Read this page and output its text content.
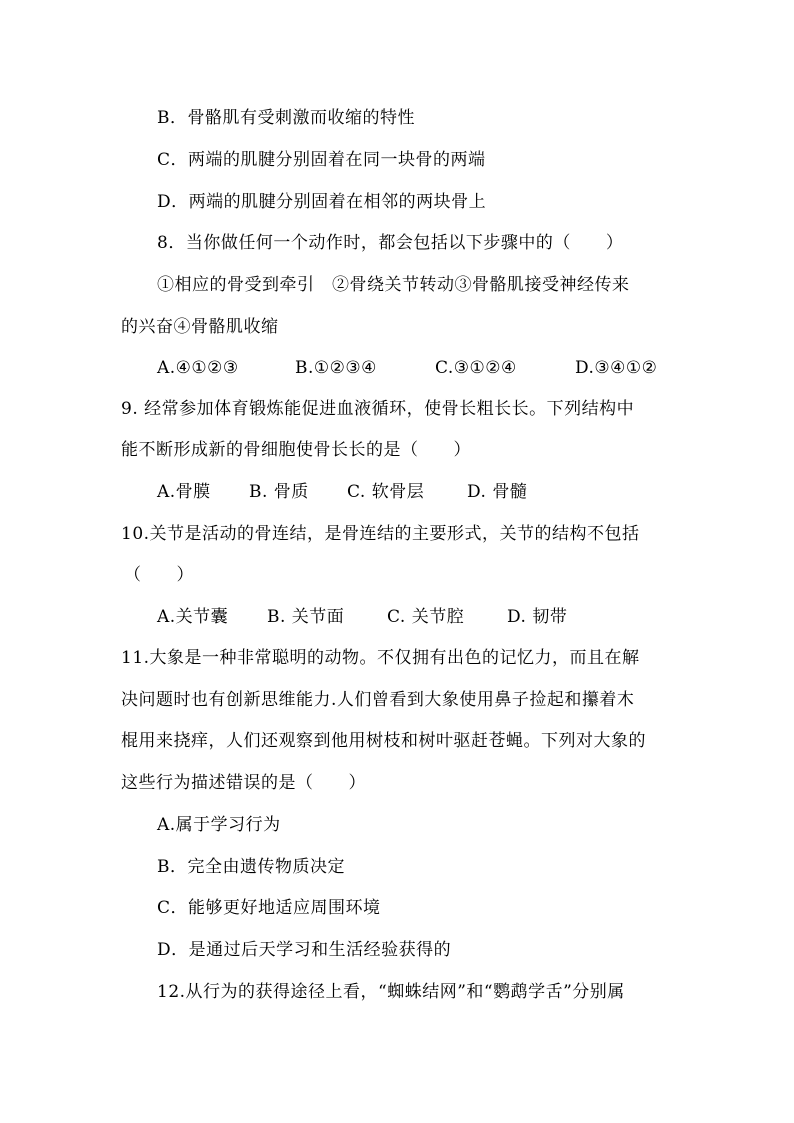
B．骨骼肌有受刺激而收缩的特性
C．两端的肌腱分别固着在同一块骨的两端
D．两端的肌腱分别固着在相邻的两块骨上
8．当你做任何一个动作时，都会包括以下步骤中的（　　）
①相应的骨受到牵引　②骨绕关节转动③骨骼肌接受神经传来
的兴奋④骨骼肌收缩
A.④①②③	B.①②③④	C.③①②④	D.③④①②
9. 经常参加体育锻炼能促进血液循环，使骨长粗长长。下列结构中
能不断形成新的骨细胞使骨长长的是（　　）
A.骨膜	B. 骨质	C. 软骨层	D. 骨髓
10.关节是活动的骨连结，是骨连结的主要形式，关节的结构不包括
（　　）
A.关节囊	B. 关节面	C. 关节腔	D. 韧带
11.大象是一种非常聪明的动物。不仅拥有出色的记忆力，而且在解
决问题时也有创新思维能力.人们曾看到大象使用鼻子捡起和攥着木
棍用来挠痒，人们还观察到他用树枝和树叶驱赶苍蝇。下列对大象的
这些行为描述错误的是（　　）
A.属于学习行为
B．完全由遗传物质决定
C．能够更好地适应周围环境
D．是通过后天学习和生活经验获得的
12.从行为的获得途径上看，“蜘蛛结网”和“鹦鹉学舌”分别属
